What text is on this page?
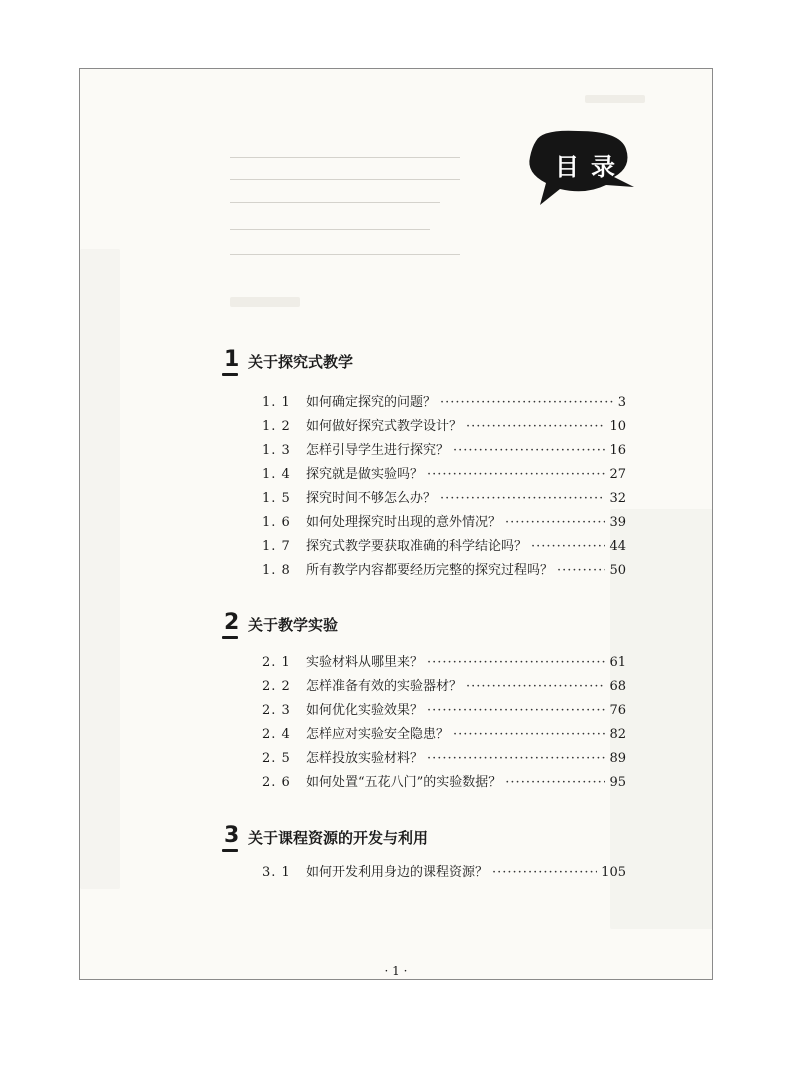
目录
1 关于探究式教学
1. 1	如何确定探究的问题？ ·····	3
1. 2	如何做好探究式教学设计？ ·····	10
1. 3	怎样引导学生进行探究？ ·····	16
1. 4	探究就是做实验吗？ ·····	27
1. 5	探究时间不够怎么办？ ·····	32
1. 6	如何处理探究时出现的意外情况？ ·····	39
1. 7	探究式教学要获取准确的科学结论吗？ ·····	44
1. 8	所有教学内容都要经历完整的探究过程吗？ ·····	50
2 关于教学实验
2. 1	实验材料从哪里来？ ·····	61
2. 2	怎样准备有效的实验器材？ ·····	68
2. 3	如何优化实验效果？ ·····	76
2. 4	怎样应对实验安全隐患？ ·····	82
2. 5	怎样投放实验材料？ ·····	89
2. 6	如何处置“五花八门”的实验数据？ ·····	95
3 关于课程资源的开发与利用
3. 1	如何开发利用身边的课程资源？ ·····	105
· 1 ·
